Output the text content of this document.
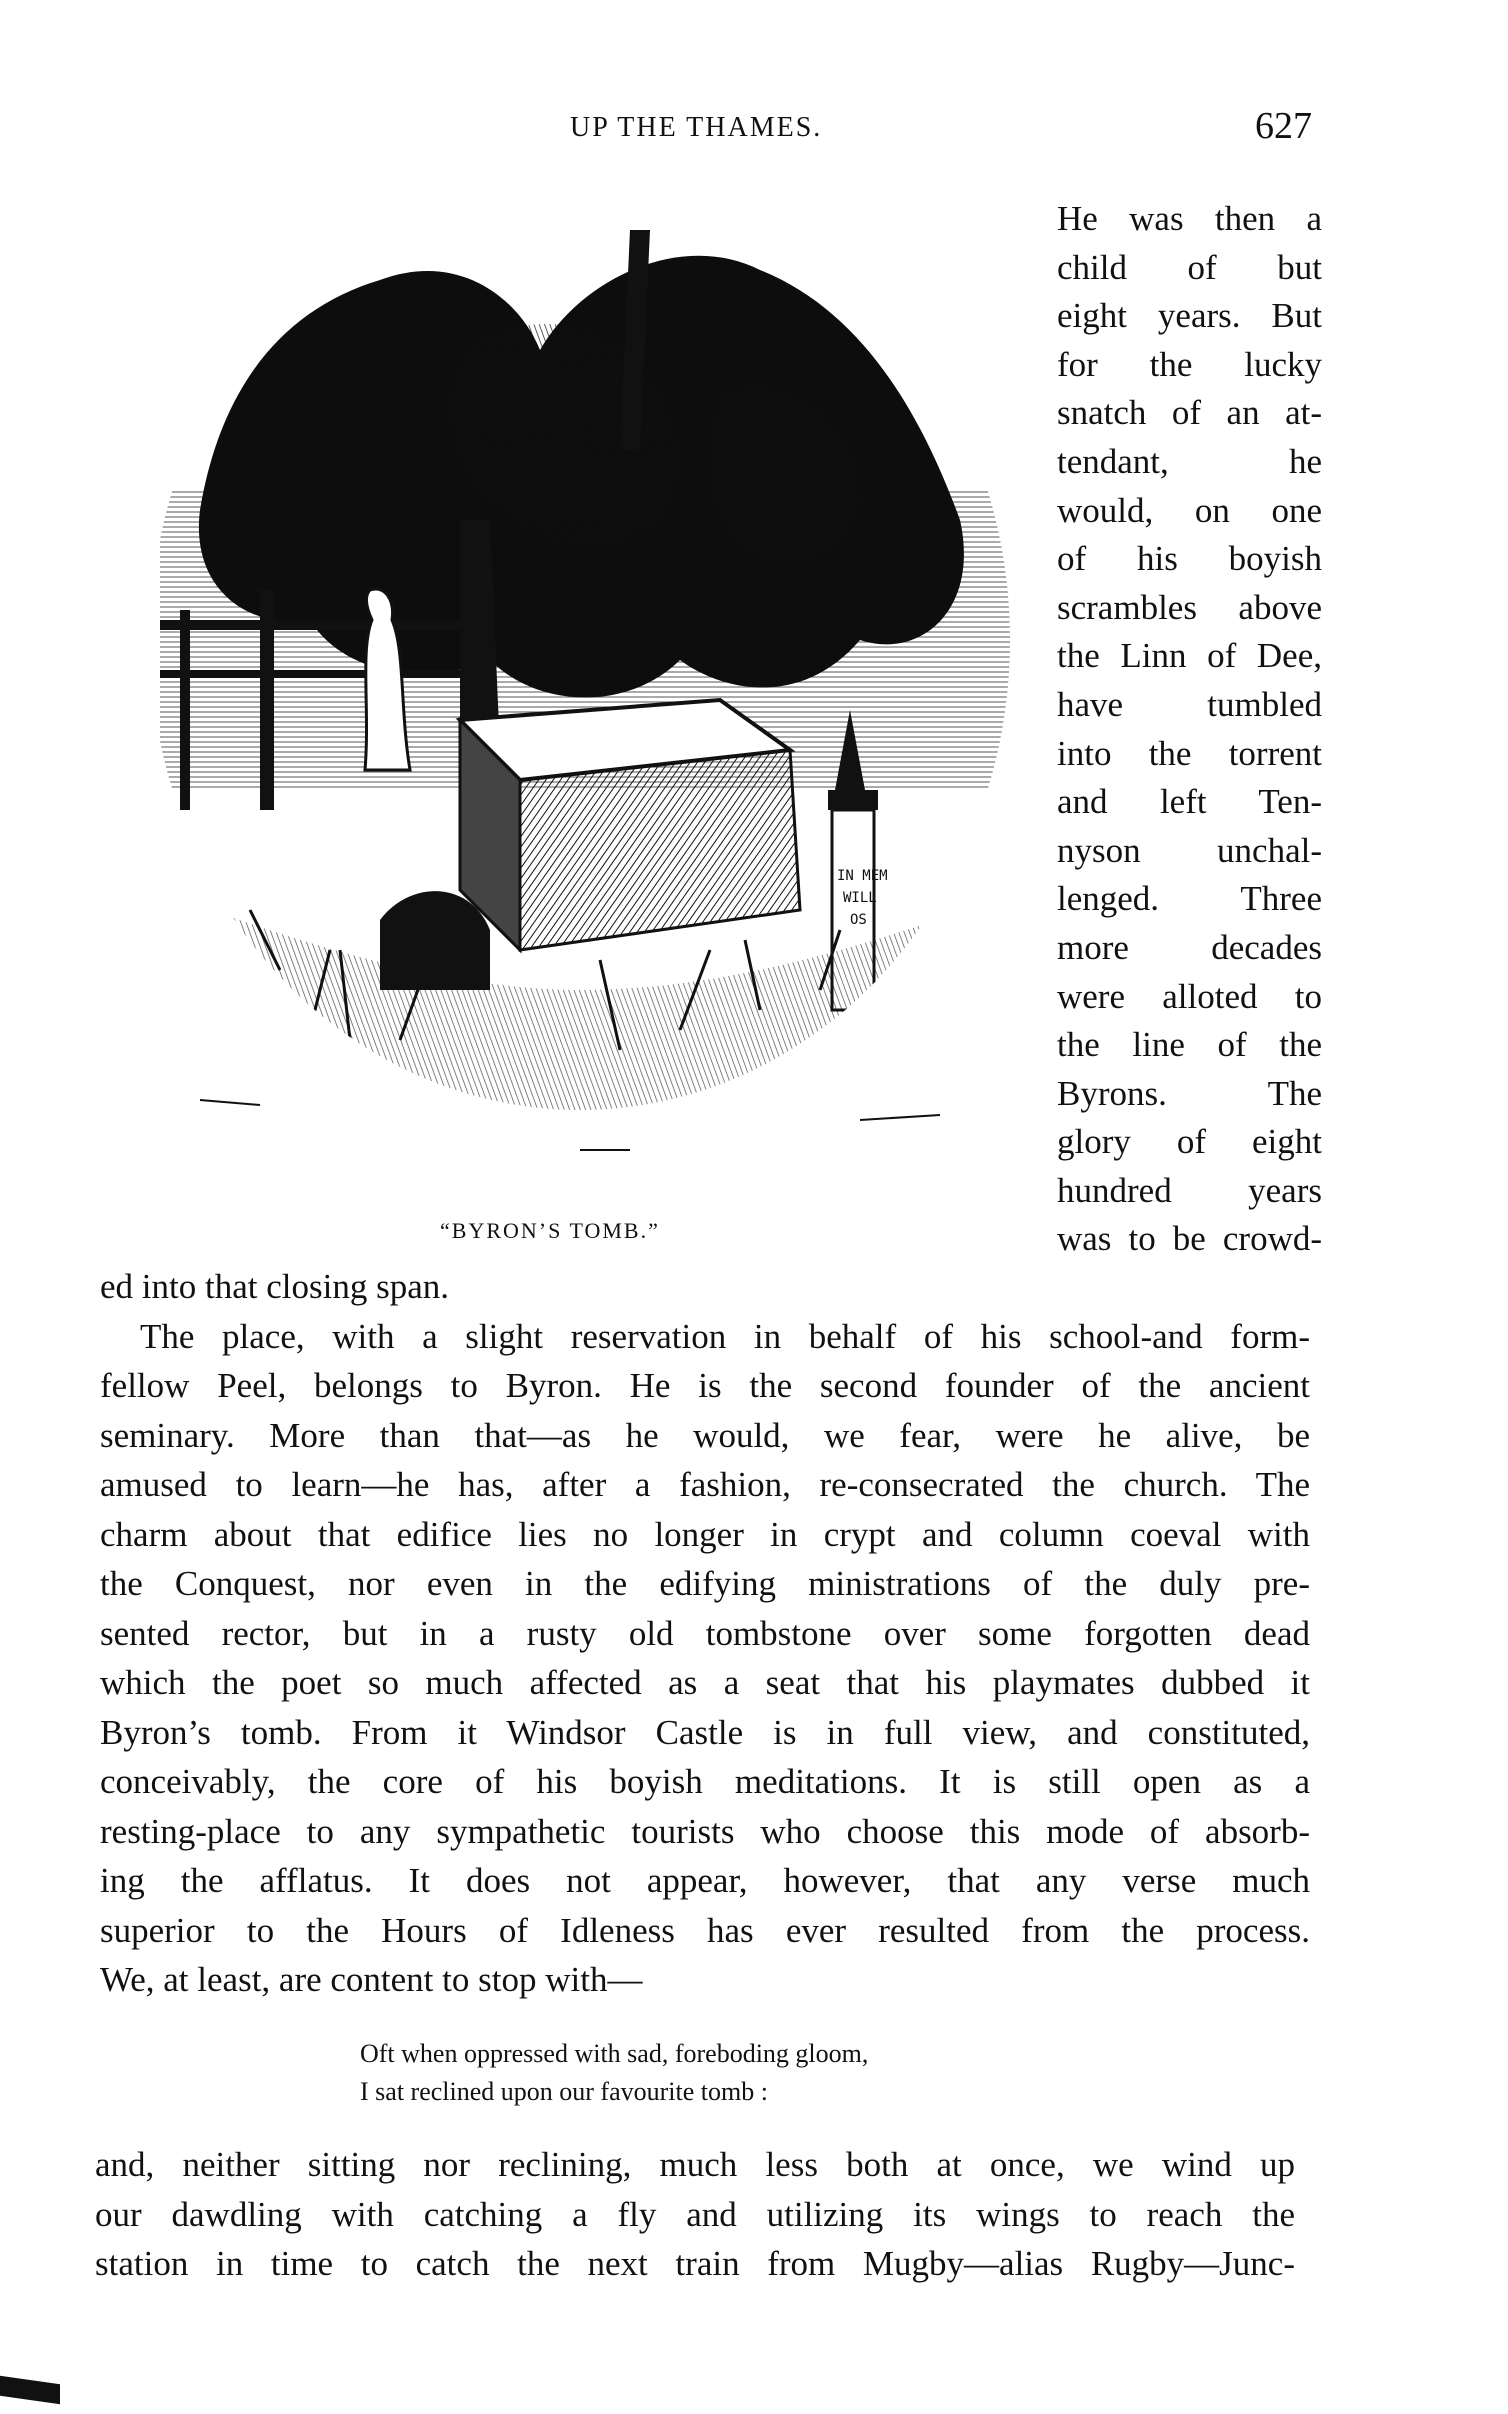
UP THE THAMES.	627
IN MEM
WILL
OS
“BYRON’S TOMB.”
He was then a
child of but
eight years. But
for the lucky
snatch of an at-
tendant, he
would, on one
of his boyish
scrambles above
the Linn of Dee,
have tumbled
into the torrent
and left Ten-
nyson unchal-
lenged. Three
more decades
were alloted to
the line of the
Byrons. The
glory of eight
hundred years
was to be crowd-
ed into that closing span.
The place, with a slight reservation in behalf of his school-and form-
fellow Peel, belongs to Byron. He is the second founder of the ancient
seminary. More than that—as he would, we fear, were he alive, be
amused to learn—he has, after a fashion, re-consecrated the church. The
charm about that edifice lies no longer in crypt and column coeval with
the Conquest, nor even in the edifying ministrations of the duly pre-
sented rector, but in a rusty old tombstone over some forgotten dead
which the poet so much affected as a seat that his playmates dubbed it
Byron’s tomb. From it Windsor Castle is in full view, and constituted,
conceivably, the core of his boyish meditations. It is still open as a
resting-place to any sympathetic tourists who choose this mode of absorb-
ing the afflatus. It does not appear, however, that any verse much
superior to the Hours of Idleness has ever resulted from the process.
We, at least, are content to stop with—
Oft when oppressed with sad, foreboding gloom,
I sat reclined upon our favourite tomb :
and, neither sitting nor reclining, much less both at once, we wind up
our dawdling with catching a fly and utilizing its wings to reach the
station in time to catch the next train from Mugby—alias Rugby—Junc-
